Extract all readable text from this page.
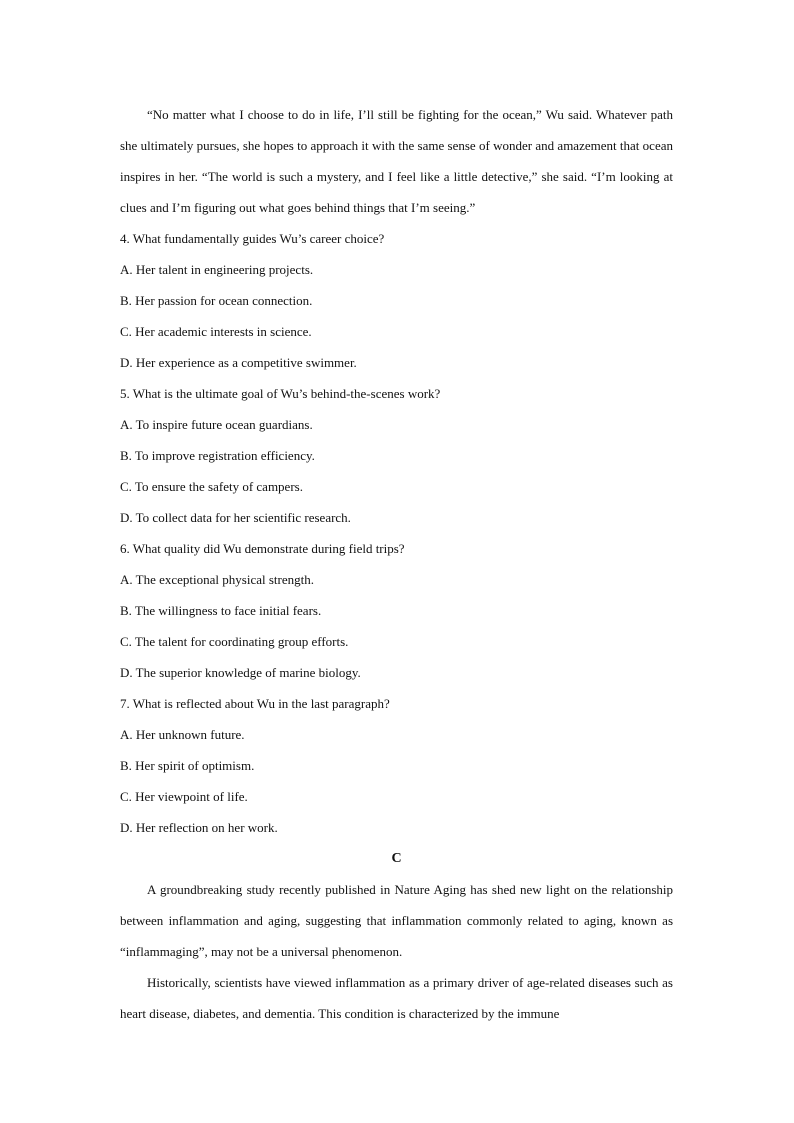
“No matter what I choose to do in life, I’ll still be fighting for the ocean,” Wu said. Whatever path she ultimately pursues, she hopes to approach it with the same sense of wonder and amazement that ocean inspires in her. “The world is such a mystery, and I feel like a little detective,” she said. “I’m looking at clues and I’m figuring out what goes behind things that I’m seeing.”

4. What fundamentally guides Wu’s career choice?

A. Her talent in engineering projects.

B. Her passion for ocean connection.

C. Her academic interests in science.

D. Her experience as a competitive swimmer.

5. What is the ultimate goal of Wu’s behind-the-scenes work?

A. To inspire future ocean guardians.

B. To improve registration efficiency.

C. To ensure the safety of campers.

D. To collect data for her scientific research.

6. What quality did Wu demonstrate during field trips?

A. The exceptional physical strength.

B. The willingness to face initial fears.

C. The talent for coordinating group efforts.

D. The superior knowledge of marine biology.

7. What is reflected about Wu in the last paragraph?

A. Her unknown future.

B. Her spirit of optimism.

C. Her viewpoint of life.

D. Her reflection on her work.

C

A groundbreaking study recently published in Nature Aging has shed new light on the relationship between inflammation and aging, suggesting that inflammation commonly related to aging, known as “inflammaging”, may not be a universal phenomenon.

Historically, scientists have viewed inflammation as a primary driver of age-related diseases such as heart disease, diabetes, and dementia. This condition is characterized by the immune
